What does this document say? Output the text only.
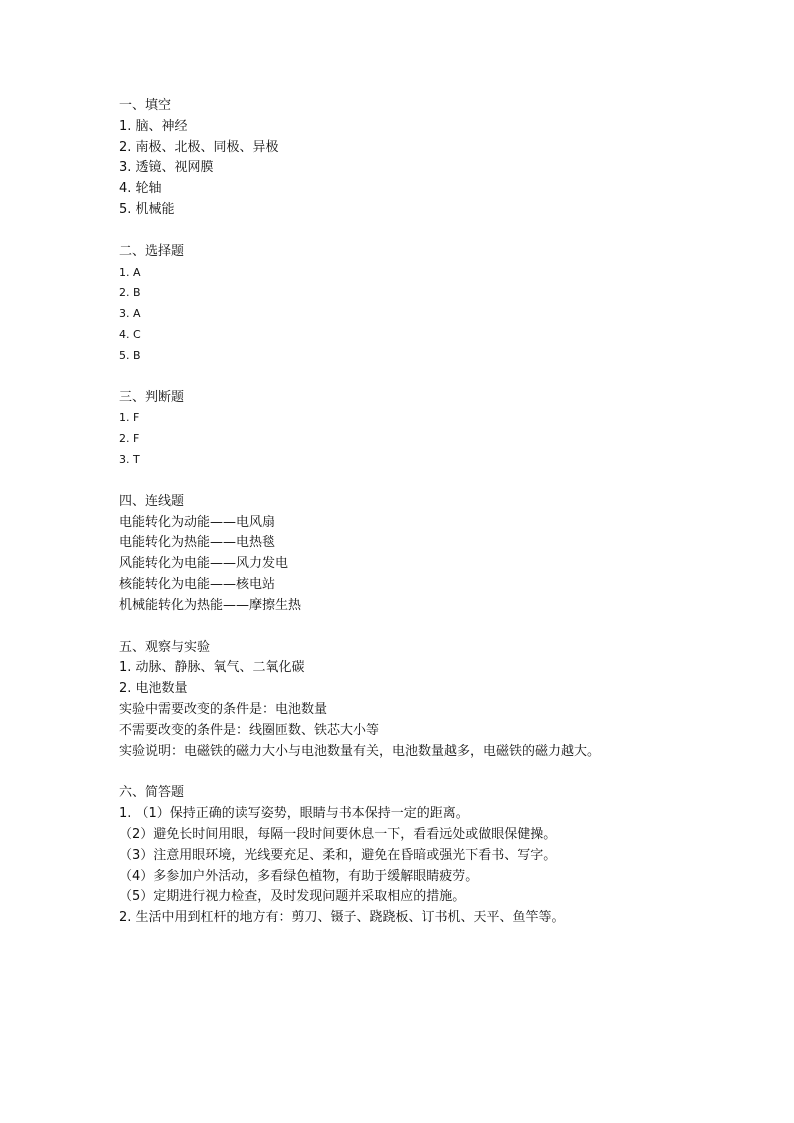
一、填空
1. 脑、神经
2. 南极、北极、同极、异极
3. 透镜、视网膜
4. 轮轴
5. 机械能
二、选择题
1. A
2. B
3. A
4. C
5. B
三、判断题
1. F
2. F
3. T
四、连线题
电能转化为动能——电风扇
电能转化为热能——电热毯
风能转化为电能——风力发电
核能转化为电能——核电站
机械能转化为热能——摩擦生热
五、观察与实验
1. 动脉、静脉、氧气、二氧化碳
2. 电池数量
实验中需要改变的条件是：电池数量
不需要改变的条件是：线圈匝数、铁芯大小等
实验说明：电磁铁的磁力大小与电池数量有关，电池数量越多，电磁铁的磁力越大。
六、简答题
1. （1）保持正确的读写姿势，眼睛与书本保持一定的距离。
（2）避免长时间用眼，每隔一段时间要休息一下，看看远处或做眼保健操。
（3）注意用眼环境，光线要充足、柔和，避免在昏暗或强光下看书、写字。
（4）多参加户外活动，多看绿色植物，有助于缓解眼睛疲劳。
（5）定期进行视力检查，及时发现问题并采取相应的措施。
2. 生活中用到杠杆的地方有：剪刀、镊子、跷跷板、订书机、天平、鱼竿等。
